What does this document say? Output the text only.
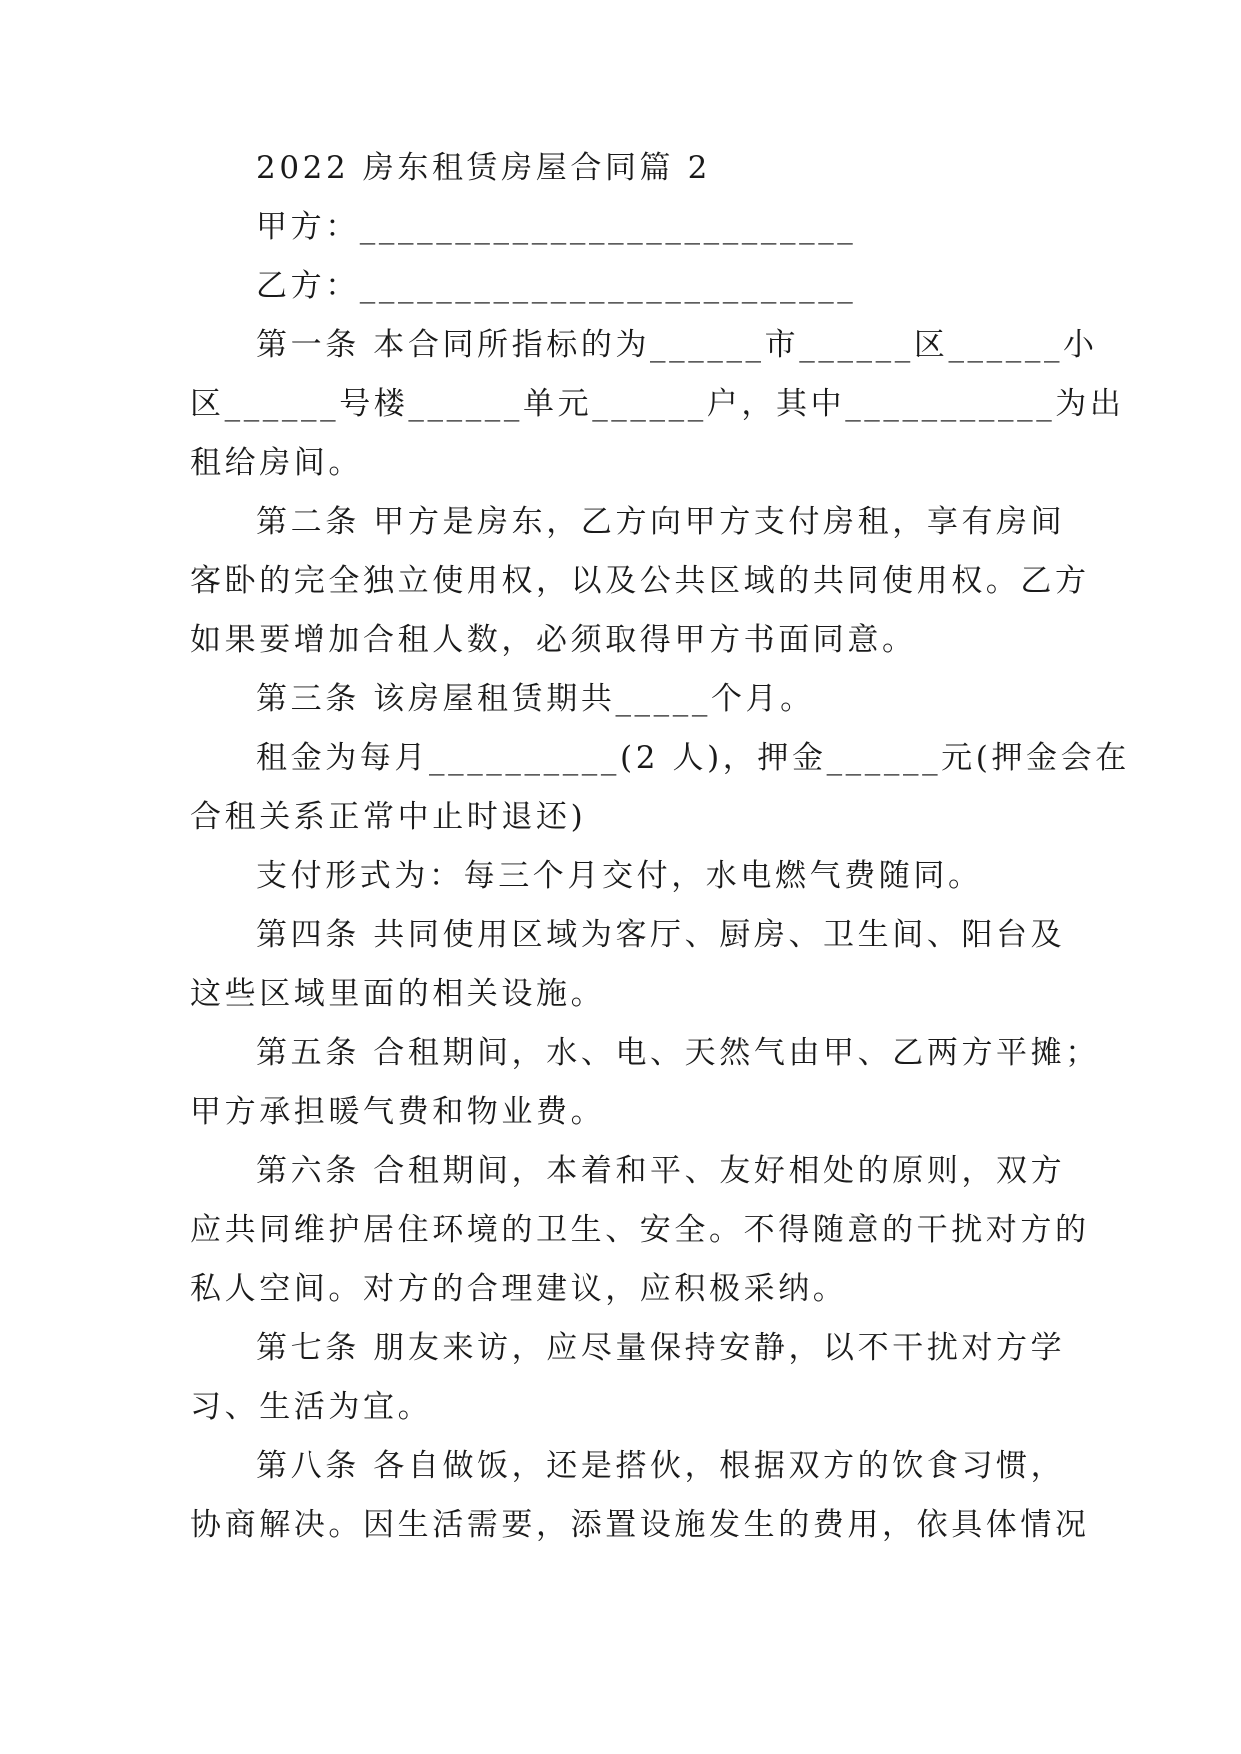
2022 房东租赁房屋合同篇 2
甲方：__________________________
乙方：__________________________
第一条 本合同所指标的为______市______区______小
区______号楼______单元______户，其中___________为出
租给房间。
第二条 甲方是房东，乙方向甲方支付房租，享有房间
客卧的完全独立使用权，以及公共区域的共同使用权。乙方
如果要增加合租人数，必须取得甲方书面同意。
第三条 该房屋租赁期共_____个月。
租金为每月__________(2 人)，押金______元(押金会在
合租关系正常中止时退还)
支付形式为：每三个月交付，水电燃气费随同。
第四条 共同使用区域为客厅、厨房、卫生间、阳台及
这些区域里面的相关设施。
第五条 合租期间，水、电、天然气由甲、乙两方平摊；
甲方承担暖气费和物业费。
第六条 合租期间，本着和平、友好相处的原则，双方
应共同维护居住环境的卫生、安全。不得随意的干扰对方的
私人空间。对方的合理建议，应积极采纳。
第七条 朋友来访，应尽量保持安静，以不干扰对方学
习、生活为宜。
第八条 各自做饭，还是搭伙，根据双方的饮食习惯，
协商解决。因生活需要，添置设施发生的费用，依具体情况
